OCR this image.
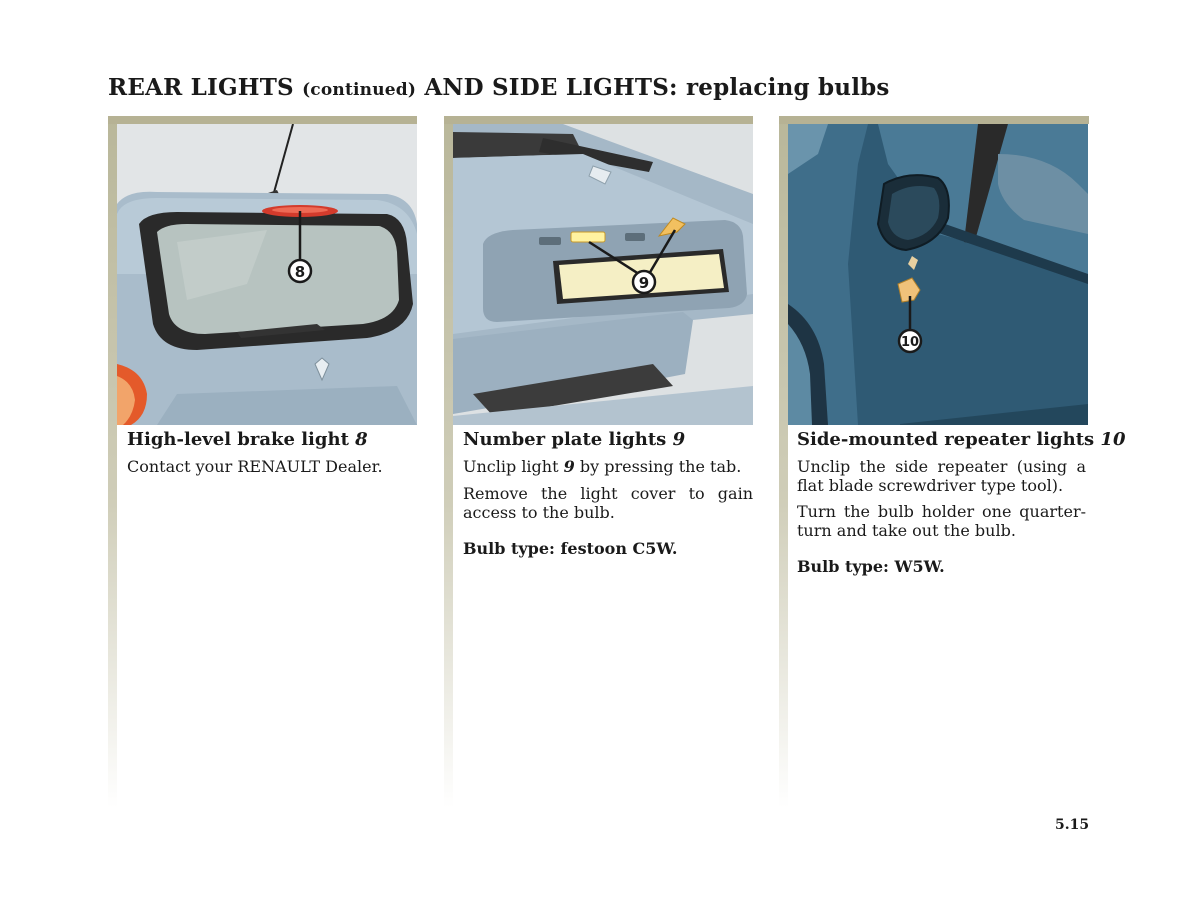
REAR LIGHTS (continued) AND SIDE LIGHTS: replacing bulbs
8
High-level brake light 8

Contact your RENAULT Dealer.

9
Number plate lights 9

Unclip light 9 by pressing the tab.

Remove the light cover to gain access to the bulb.

Bulb type: festoon C5W.

10
Side-mounted repeater lights 10

Unclip the side repeater (using a flat blade screwdriver type tool).

Turn the bulb holder one quarter-turn and take out the bulb.

Bulb type: W5W.

5.15
